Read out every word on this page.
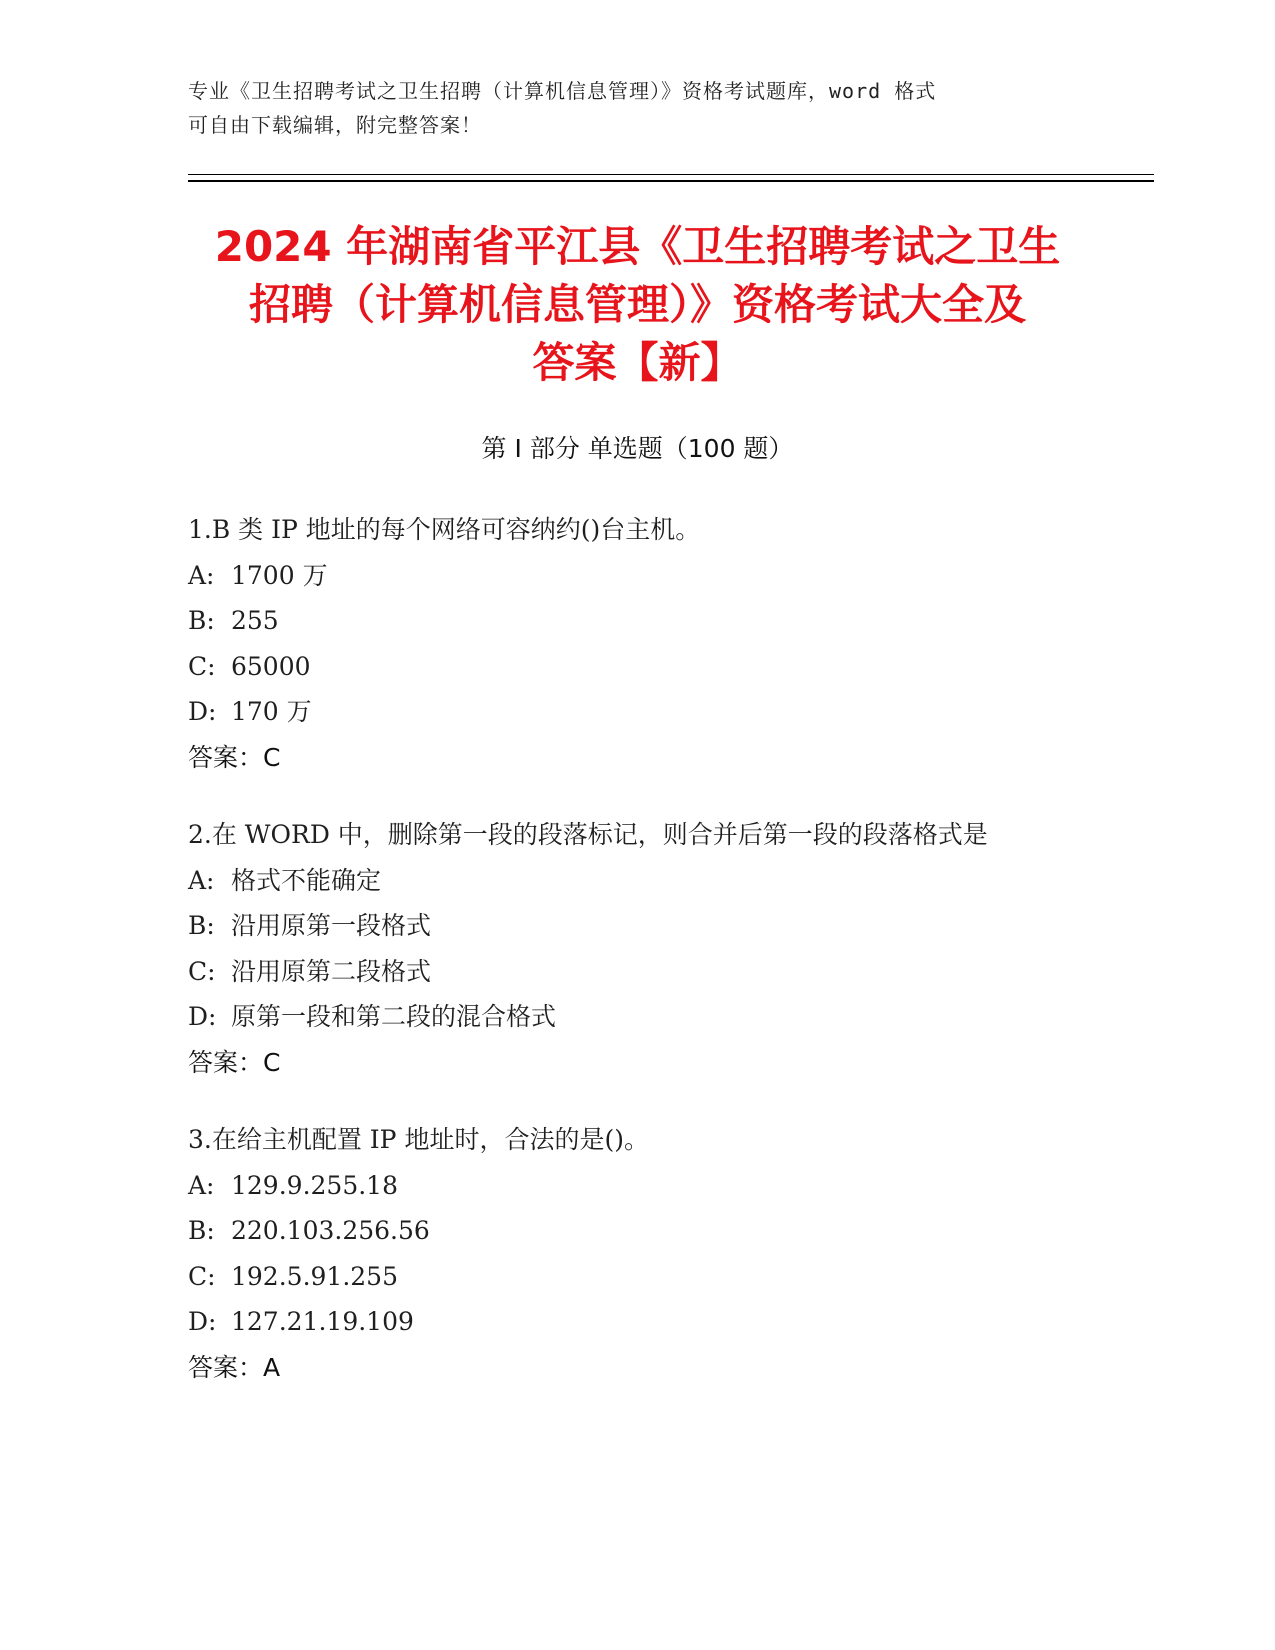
专业《卫生招聘考试之卫生招聘（计算机信息管理）》资格考试题库，word 格式
可自由下载编辑，附完整答案！
2024 年湖南省平江县《卫生招聘考试之卫生
招聘（计算机信息管理）》资格考试大全及
答案【新】
第 I 部分 单选题（100 题）
1.B 类 IP 地址的每个网络可容纳约()台主机。
A: 1700 万
B: 255
C: 65000
D: 170 万
答案：C
2.在 WORD 中，删除第一段的段落标记，则合并后第一段的段落格式是
A: 格式不能确定
B: 沿用原第一段格式
C: 沿用原第二段格式
D: 原第一段和第二段的混合格式
答案：C
3.在给主机配置 IP 地址时，合法的是()。
A: 129.9.255.18
B: 220.103.256.56
C: 192.5.91.255
D: 127.21.19.109
答案：A
